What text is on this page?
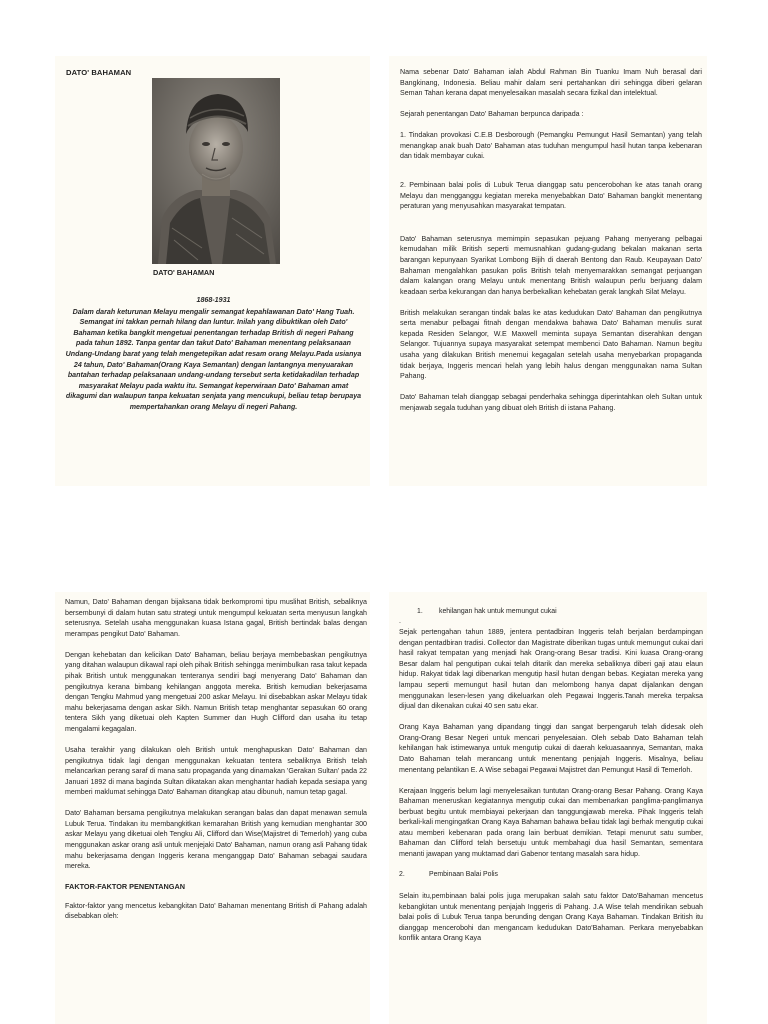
DATO' BAHAMAN
DATO' BAHAMAN
1868-1931
Dalam darah keturunan Melayu mengalir semangat kepahlawanan Dato' Hang Tuah. Semangat ini takkan pernah hilang dan luntur. Inilah yang dibuktikan oleh Dato' Bahaman ketika bangkit mengetuai penentangan terhadap British di negeri Pahang pada tahun 1892. Tanpa gentar dan takut Dato' Bahaman menentang pelaksanaan Undang-Undang barat yang telah mengetepikan adat resam orang Melayu.Pada usianya 24 tahun, Dato' Bahaman(Orang Kaya Semantan) dengan lantangnya menyuarakan bantahan terhadap pelaksanaan undang-undang tersebut serta ketidakadilan terhadap masyarakat Melayu pada waktu itu. Semangat keperwiraan Dato' Bahaman amat dikagumi dan walaupun tanpa kekuatan senjata yang mencukupi, beliau tetap berupaya mempertahankan orang Melayu di negeri Pahang.

Nama sebenar Dato' Bahaman ialah Abdul Rahman Bin Tuanku Imam Nuh berasal dari Bangkinang, Indonesia. Beliau mahir dalam seni pertahankan diri sehingga diberi gelaran Seman Tahan kerana dapat menyelesaikan masalah secara fizikal dan intelektual.

Sejarah penentangan Dato' Bahaman berpunca daripada :

1. Tindakan provokasi C.E.B Desborough (Pemangku Pemungut Hasil Semantan) yang telah menangkap anak buah Dato' Bahaman atas tuduhan mengumpul hasil hutan tanpa kebenaran dan tidak membayar cukai.

2. Pembinaan balai polis di Lubuk Terua dianggap satu pencerobohan ke atas tanah orang Melayu dan mengganggu kegiatan mereka menyebabkan Dato' Bahaman bangkit menentang peraturan yang menyusahkan masyarakat tempatan.

Dato' Bahaman seterusnya memimpin sepasukan pejuang Pahang menyerang pelbagai kemudahan milik British seperti memusnahkan gudang-gudang bekalan makanan serta barangan kepunyaan Syarikat Lombong Bijih di daerah Bentong dan Raub. Keupayaan Dato' Bahaman mengalahkan pasukan polis British telah menyemarakkan semangat perjuangan dalam kalangan orang Melayu untuk menentang British walaupun perlu berjuang dalam keadaan serba kekurangan dan hanya berbekalkan kehebatan gerak langkah Silat Melayu.

British melakukan serangan tindak balas ke atas kedudukan Dato' Bahaman dan pengikutnya serta menabur pelbagai fitnah dengan mendakwa bahawa Dato' Bahaman menulis surat kepada Residen Selangor, W.E Maxwell meminta supaya Semantan diserahkan dengan Selangor. Tujuannya supaya masyarakat setempat membenci Dato Bahaman. Namun begitu usaha yang dilakukan British menemui kegagalan setelah usaha menyebarkan propaganda tidak berjaya, Inggeris mencari helah yang lebih halus dengan menggunakan nama Sultan Pahang.

Dato' Bahaman telah dianggap sebagai penderhaka sehingga diperintahkan oleh Sultan untuk menjawab segala tuduhan yang dibuat oleh British di istana Pahang.

Namun, Dato' Bahaman dengan bijaksana tidak berkompromi tipu muslihat British, sebaliknya bersembunyi di dalam hutan satu strategi untuk mengumpul kekuatan serta menyusun langkah seterusnya. Setelah usaha menggunakan kuasa Istana gagal, British bertindak balas dengan merampas pengikut Dato' Bahaman.

Dengan kehebatan dan kelicikan Dato' Bahaman, beliau berjaya membebaskan pengikutnya yang ditahan walaupun dikawal rapi oleh pihak British sehingga menimbulkan rasa takut kepada pihak British untuk menggunakan tenteranya sendiri bagi menyerang Dato' Bahaman dan pengikutnya kerana bimbang kehilangan anggota mereka. British kemudian bekerjasama dengan Tengku Mahmud yang mengetuai 200 askar Melayu. Ini disebabkan askar Melayu tidak mahu bekerjasama dengan askar Sikh. Namun British tetap menghantar sepasukan 60 orang tentera Sikh yang diketuai oleh Kapten Summer dan Hugh Clifford dan usaha itu tetap mengalami kegagalan.

Usaha terakhir yang dilakukan oleh British untuk menghapuskan Dato' Bahaman dan pengikutnya tidak lagi dengan menggunakan kekuatan tentera sebaliknya British telah melancarkan perang saraf di mana satu propaganda yang dinamakan 'Gerakan Sultan' pada 22 Januari 1892 di mana baginda Sultan dikatakan akan menghantar hadiah kepada sesiapa yang memberi maklumat sehingga Dato' Bahaman ditangkap atau dibunuh, namun tetap gagal.

Dato' Bahaman bersama pengikutnya melakukan serangan balas dan dapat menawan semula Lubuk Terua. Tindakan itu membangkitkan kemarahan British yang kemudian menghantar 300 askar Melayu yang diketuai oleh Tengku Ali, Clifford dan Wise(Majistret di Temerloh) yang cuba menggunakan askar orang asli untuk menjejaki Dato' Bahaman, namun orang asli Pahang tidak mahu bekerjasama dengan Inggeris kerana menganggap Dato' Bahaman sebagai saudara mereka.

FAKTOR-FAKTOR PENENTANGAN

Faktor-faktor yang mencetus kebangkitan Dato' Bahaman menentang British di Pahang adalah disebabkan oleh:

1.	kehilangan hak untuk memungut cukai
.

Sejak pertengahan tahun 1889, jentera pentadbiran Inggeris telah berjalan berdampingan dengan pentadbiran tradisi. Collector dan Magistrate diberikan tugas untuk memungut cukai dari hasil rakyat tempatan yang menjadi hak Orang-orang Besar tradisi. Kini kuasa Orang-orang Besar dalam hal pengutipan cukai telah ditarik dan mereka sebaliknya diberi gaji atau elaun hidup. Rakyat tidak lagi dibenarkan mengutip hasil hutan dengan bebas. Kegiatan mereka yang lampau seperti memungut hasil hutan dan melombong hanya dapat dijalankan dengan menggunakan lesen-lesen yang dikeluarkan oleh Pegawai Inggeris.Tanah mereka terpaksa dijual dan dikenakan cukai 40 sen satu ekar.

Orang Kaya Bahaman yang dipandang tinggi dan sangat berpengaruh telah didesak oleh Orang-Orang Besar Negeri untuk mencari penyelesaian. Oleh sebab Dato Bahaman telah kehilangan hak istimewanya untuk mengutip cukai di daerah kekuasaannya, Semantan, maka Dato Bahaman telah merancang untuk menentang penjajah Inggeris. Misalnya, beliau menentang pelantikan E. A Wise sebagai Pegawai Majistret dan Pemungut Hasil di Temerloh.

Kerajaan Inggeris belum lagi menyelesaikan tuntutan Orang-orang Besar Pahang. Orang Kaya Bahaman meneruskan kegiatannya mengutip cukai dan membenarkan panglima-panglimanya berbuat begitu untuk membiayai pekerjaan dan tanggungjawab mereka. Pihak Inggeris telah berkali-kali mengingatkan Orang Kaya Bahaman bahawa beliau tidak lagi berhak mengutip cukai atau memberi kebenaran pada orang lain berbuat demikian. Tetapi menurut satu sumber, Bahaman dan Clifford telah bersetuju untuk membahagi dua hasil Semantan, sementara menanti jawapan yang muktamad dari Gabenor tentang masalah sara hidup.

2.	Pembinaan Balai Polis

Selain itu,pembinaan balai polis juga merupakan salah satu faktor Dato'Bahaman mencetus kebangkitan untuk menentang penjajah Inggeris di Pahang. J.A Wise telah mendirikan sebuah balai polis di Lubuk Terua tanpa berunding dengan Orang Kaya Bahaman. Tindakan British itu dianggap mencerobohi dan mengancam kedudukan Dato'Bahaman. Perkara menyebabkan konflik antara Orang Kaya
